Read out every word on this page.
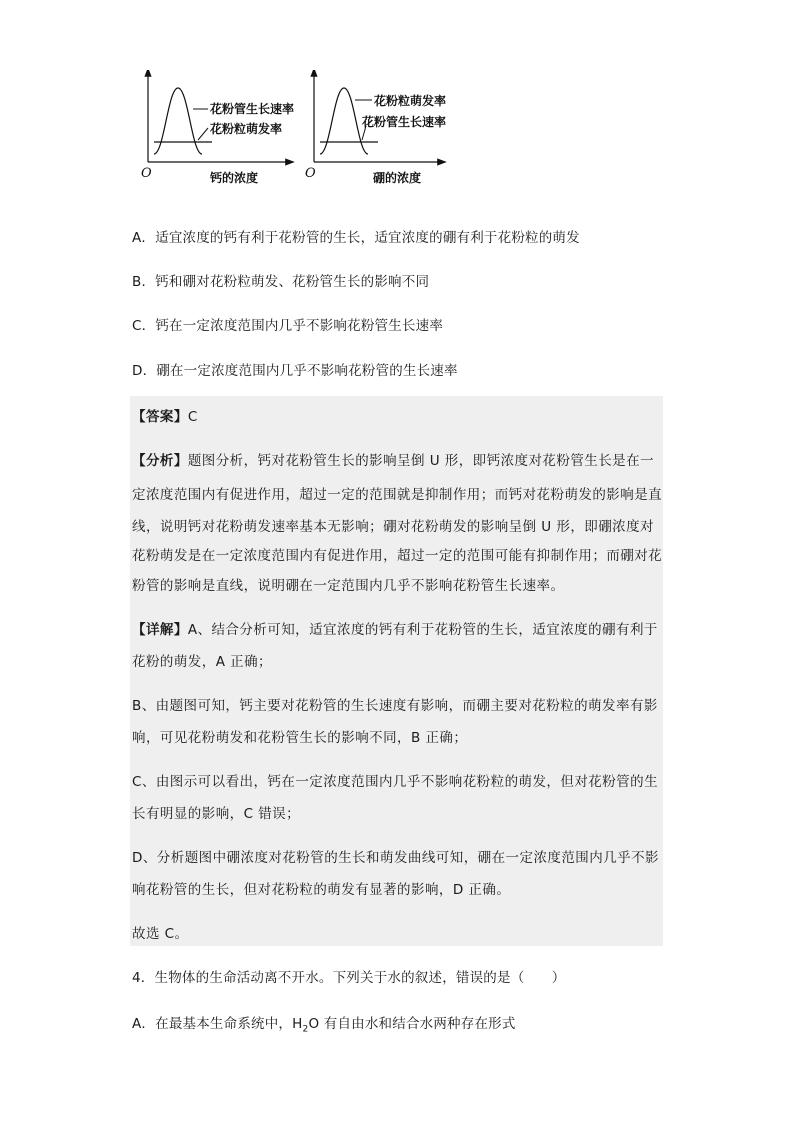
花粉管生长速率
花粉粒萌发率
O	钙的浓度
花粉粒萌发率
花粉管生长速率
O	硼的浓度
A．适宜浓度的钙有利于花粉管的生长，适宜浓度的硼有利于花粉粒的萌发
B．钙和硼对花粉粒萌发、花粉管生长的影响不同
C．钙在一定浓度范围内几乎不影响花粉管生长速率
D．硼在一定浓度范围内几乎不影响花粉管的生长速率
【答案】C
【分析】题图分析，钙对花粉管生长的影响呈倒 U 形，即钙浓度对花粉管生长是在一
定浓度范围内有促进作用，超过一定的范围就是抑制作用；而钙对花粉萌发的影响是直
线，说明钙对花粉萌发速率基本无影响；硼对花粉萌发的影响呈倒 U 形，即硼浓度对
花粉萌发是在一定浓度范围内有促进作用，超过一定的范围可能有抑制作用；而硼对花
粉管的影响是直线，说明硼在一定范围内几乎不影响花粉管生长速率。
【详解】A、结合分析可知，适宜浓度的钙有利于花粉管的生长，适宜浓度的硼有利于
花粉的萌发，A 正确；
B、由题图可知，钙主要对花粉管的生长速度有影响，而硼主要对花粉粒的萌发率有影
响，可见花粉萌发和花粉管生长的影响不同，B 正确；
C、由图示可以看出，钙在一定浓度范围内几乎不影响花粉粒的萌发，但对花粉管的生
长有明显的影响，C 错误；
D、分析题图中硼浓度对花粉管的生长和萌发曲线可知，硼在一定浓度范围内几乎不影
响花粉管的生长，但对花粉粒的萌发有显著的影响，D 正确。
故选 C。
4．生物体的生命活动离不开水。下列关于水的叙述，错误的是（　　）
A．在最基本生命系统中，$H_2O$ 有自由水和结合水两种存在形式
